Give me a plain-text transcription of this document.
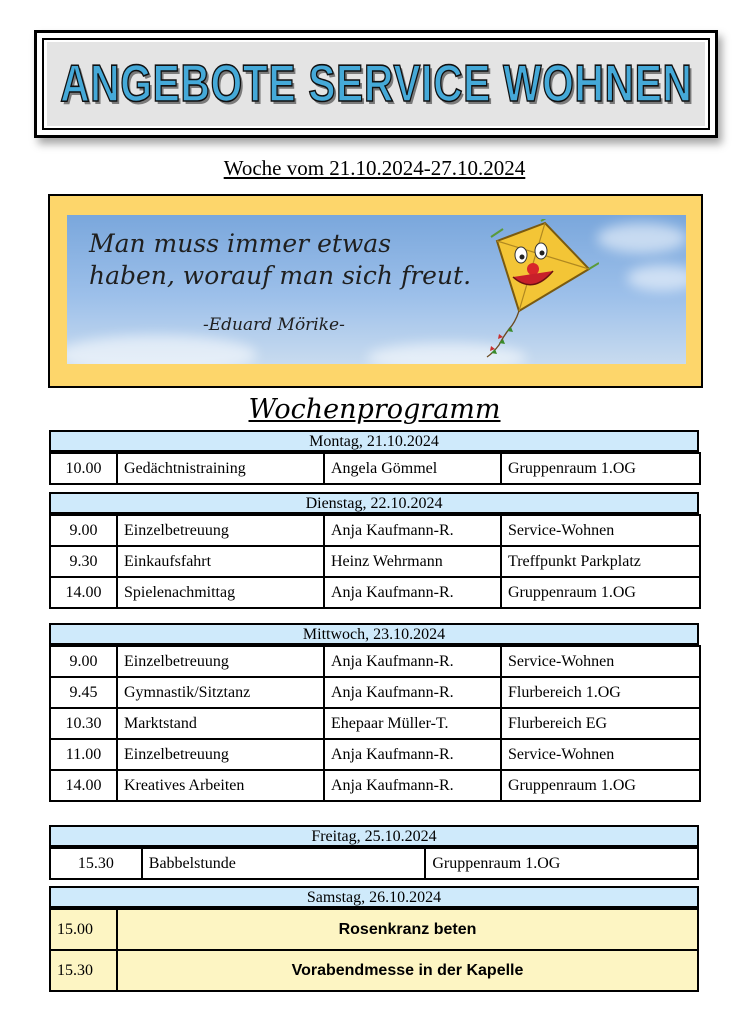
ANGEBOTE SERVICE WOHNEN
Woche vom 21.10.2024-27.10.2024
Man muss immer etwas
haben, worauf man sich freut.
-Eduard Mörike-
Wochenprogramm
Montag, 21.10.2024
10.00	Gedächtnistraining	Angela Gömmel	Gruppenraum 1.OG
Dienstag, 22.10.2024
9.00	Einzelbetreuung	Anja Kaufmann-R.	Service-Wohnen
9.30	Einkaufsfahrt	Heinz Wehrmann	Treffpunkt Parkplatz
14.00	Spielenachmittag	Anja Kaufmann-R.	Gruppenraum 1.OG
Mittwoch, 23.10.2024
9.00	Einzelbetreuung	Anja Kaufmann-R.	Service-Wohnen
9.45	Gymnastik/Sitztanz	Anja Kaufmann-R.	Flurbereich 1.OG
10.30	Marktstand	Ehepaar Müller-T.	Flurbereich EG
11.00	Einzelbetreuung	Anja Kaufmann-R.	Service-Wohnen
14.00	Kreatives Arbeiten	Anja Kaufmann-R.	Gruppenraum 1.OG
Freitag, 25.10.2024
15.30	Babbelstunde	Gruppenraum 1.OG
Samstag, 26.10.2024
15.00	Rosenkranz beten
15.30	Vorabendmesse in der Kapelle
